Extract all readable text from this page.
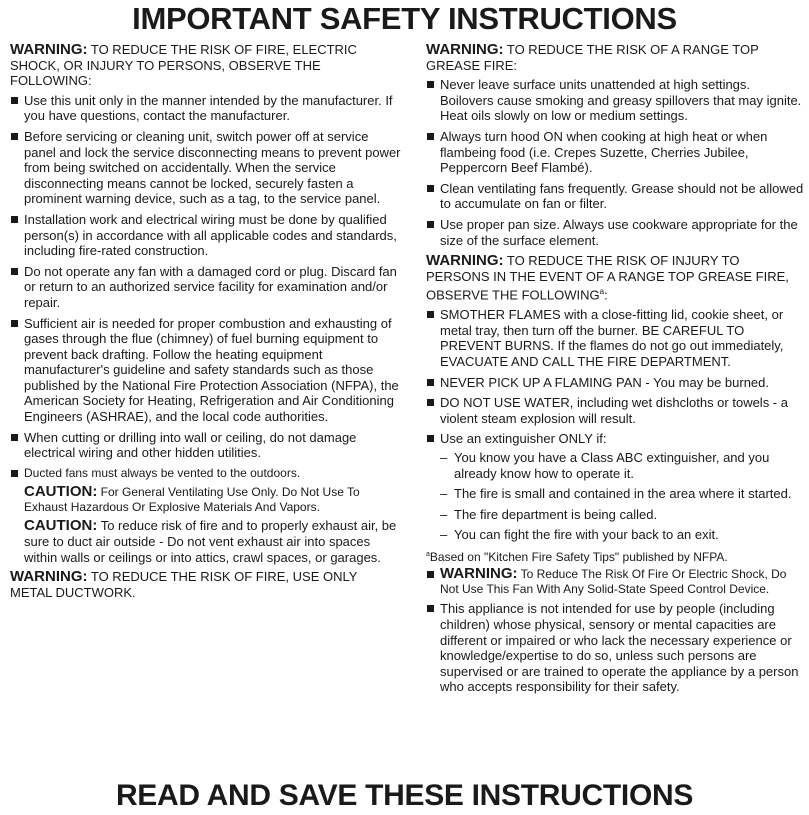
IMPORTANT SAFETY INSTRUCTIONS

WARNING: TO REDUCE THE RISK OF FIRE, ELECTRIC SHOCK, OR INJURY TO PERSONS, OBSERVE THE FOLLOWING:

Use this unit only in the manner intended by the manufacturer. If you have questions, contact the manufacturer.
Before servicing or cleaning unit, switch power off at service panel and lock the service disconnecting means to prevent power from being switched on accidentally. When the service disconnecting means cannot be locked, securely fasten a prominent warning device, such as a tag, to the service panel.
Installation work and electrical wiring must be done by qualified person(s) in accordance with all applicable codes and standards, including fire-rated construction.
Do not operate any fan with a damaged cord or plug. Discard fan or return to an authorized service facility for examination and/or repair.
Sufficient air is needed for proper combustion and exhausting of gases through the flue (chimney) of fuel burning equipment to prevent back drafting. Follow the heating equipment manufacturer's guideline and safety standards such as those published by the National Fire Protection Association (NFPA), the American Society for Heating, Refrigeration and Air Conditioning Engineers (ASHRAE), and the local code authorities.
When cutting or drilling into wall or ceiling, do not damage electrical wiring and other hidden utilities.
Ducted fans must always be vented to the outdoors.

CAUTION: For General Ventilating Use Only. Do Not Use To Exhaust Hazardous Or Explosive Materials And Vapors.

CAUTION: To reduce risk of fire and to properly exhaust air, be sure to duct air outside - Do not vent exhaust air into spaces within walls or ceilings or into attics, crawl spaces, or garages.

WARNING: TO REDUCE THE RISK OF FIRE, USE ONLY METAL DUCTWORK.

WARNING: TO REDUCE THE RISK OF A RANGE TOP GREASE FIRE:

Never leave surface units unattended at high settings. Boilovers cause smoking and greasy spillovers that may ignite. Heat oils slowly on low or medium settings.
Always turn hood ON when cooking at high heat or when flambeing food (i.e. Crepes Suzette, Cherries Jubilee, Peppercorn Beef Flambé).
Clean ventilating fans frequently. Grease should not be allowed to accumulate on fan or filter.
Use proper pan size. Always use cookware appropriate for the size of the surface element.

WARNING: TO REDUCE THE RISK OF INJURY TO PERSONS IN THE EVENT OF A RANGE TOP GREASE FIRE, OBSERVE THE FOLLOWING$^a$:

SMOTHER FLAMES with a close-fitting lid, cookie sheet, or metal tray, then turn off the burner. BE CAREFUL TO PREVENT BURNS. If the flames do not go out immediately, EVACUATE AND CALL THE FIRE DEPARTMENT.
NEVER PICK UP A FLAMING PAN - You may be burned.
DO NOT USE WATER, including wet dishcloths or towels - a violent steam explosion will result.
Use an extinguisher ONLY if:
– You know you have a Class ABC extinguisher, and you already know how to operate it.
– The fire is small and contained in the area where it started.
– The fire department is being called.
– You can fight the fire with your back to an exit.

$^a$Based on "Kitchen Fire Safety Tips" published by NFPA.

WARNING: To Reduce The Risk Of Fire Or Electric Shock, Do Not Use This Fan With Any Solid-State Speed Control Device.
This appliance is not intended for use by people (including children) whose physical, sensory or mental capacities are different or impaired or who lack the necessary experience or knowledge/expertise to do so, unless such persons are supervised or are trained to operate the appliance by a person who accepts responsibility for their safety.
READ AND SAVE THESE INSTRUCTIONS
